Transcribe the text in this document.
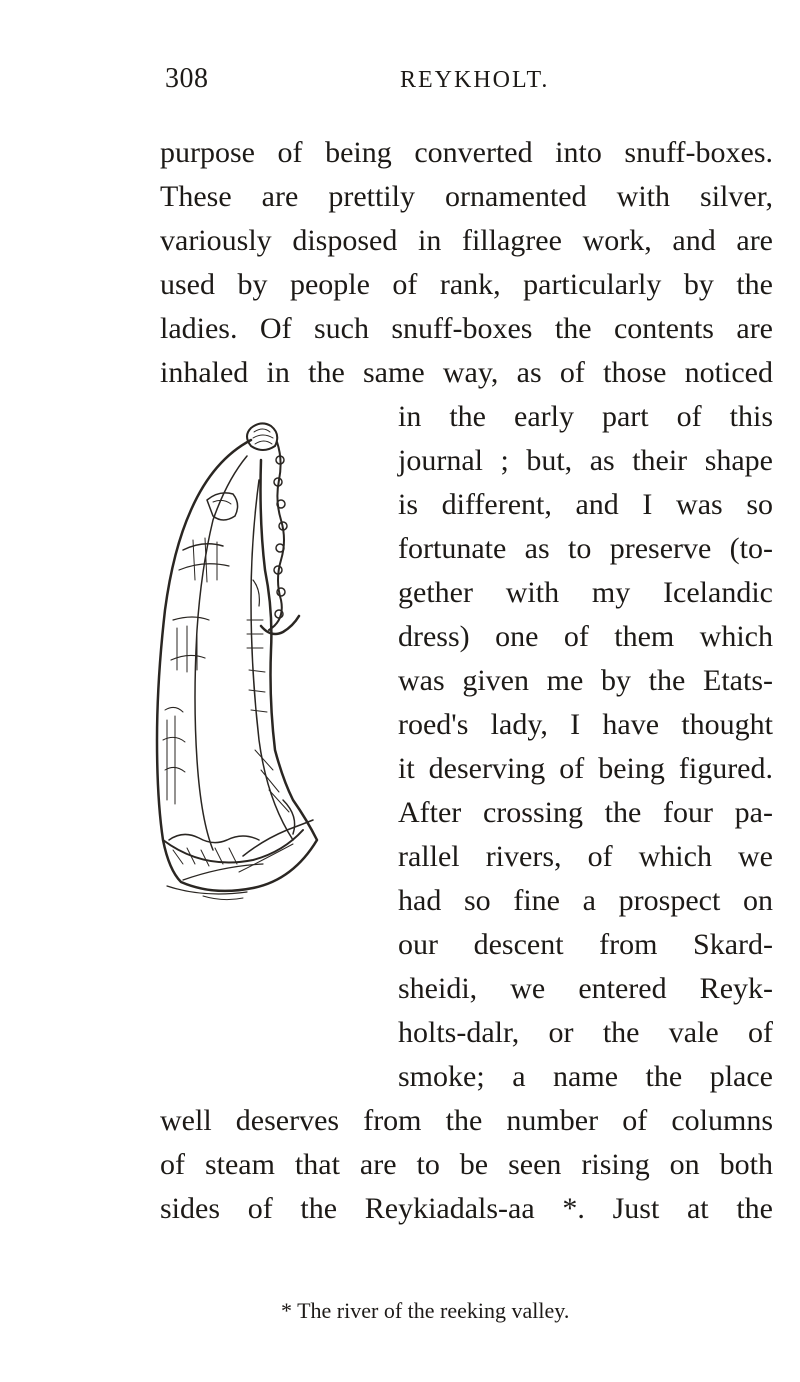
308	REYKHOLT.
purpose of being converted into snuff-boxes.
These are prettily ornamented with silver,
variously disposed in fillagree work, and are
used by people of rank, particularly by the
ladies. Of such snuff-boxes the contents are
inhaled in the same way, as of those noticed
in the early part of this
journal ; but, as their shape
is different, and I was so
fortunate as to preserve (to-
gether with my Icelandic
dress) one of them which
was given me by the Etats-
roed's lady, I have thought
it deserving of being figured.
After crossing the four pa-
rallel rivers, of which we
had so fine a prospect on
our descent from Skard-
sheidi, we entered Reyk-
holts-dalr, or the vale of
smoke; a name the place
well deserves from the number of columns
of steam that are to be seen rising on both
sides of the Reykiadals-aa *. Just at the
* The river of the reeking valley.
